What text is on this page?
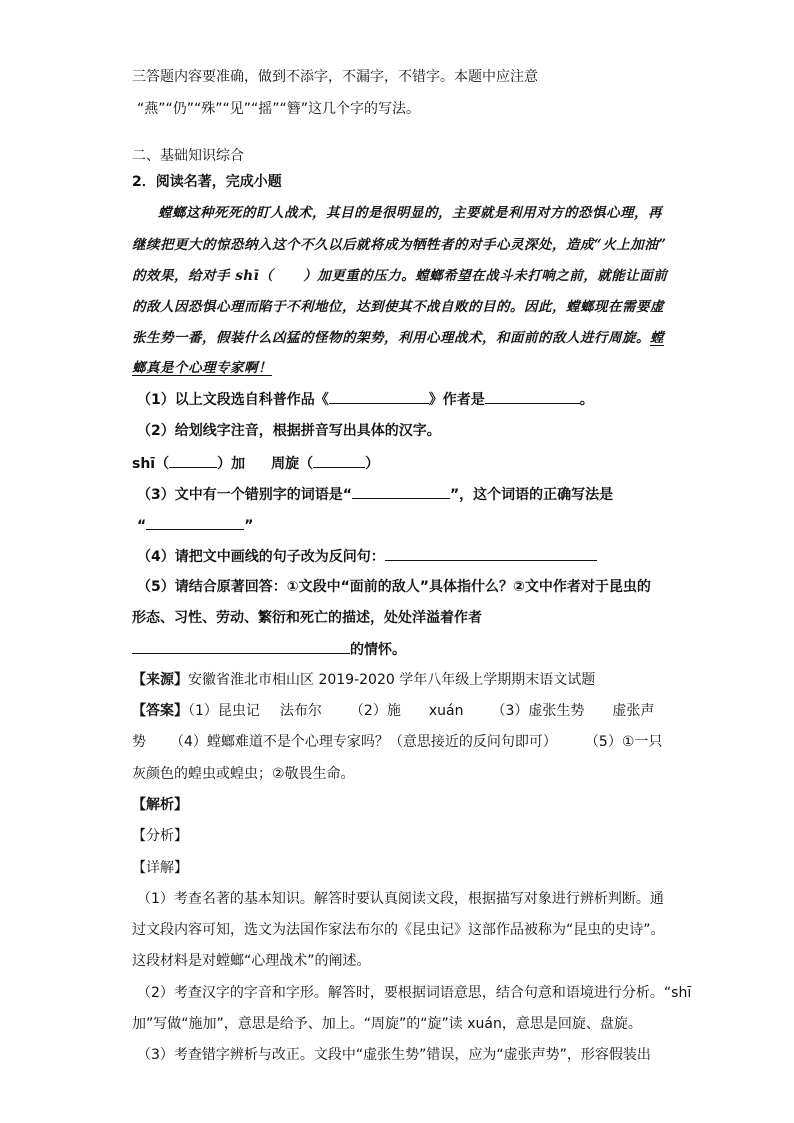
三答题内容要准确，做到不添字，不漏字，不错字。本题中应注意
“燕”“仍”“殊”“见”“摇”“簪”这几个字的写法。
二、基础知识综合
2．阅读名著，完成小题
螳螂这种死死的盯人战术，其目的是很明显的，主要就是利用对方的恐惧心理，再
继续把更大的惊恐纳入这个不久以后就将成为牺牲者的对手心灵深处，造成“火上加油”
的效果，给对手 shī（ ）加更重的压力。螳螂希望在战斗未打响之前，就能让面前
的敌人因恐惧心理而陷于不利地位，达到使其不战自败的目的。因此，螳螂现在需要虚
张生势一番，假装什么凶猛的怪物的架势，利用心理战术，和面前的敌人进行周旋。螳
螂真是个心理专家啊！
（1）以上文段选自科普作品《	》作者是	。
（2）给划线字注音，根据拼音写出具体的汉字。
shī（	）加 周旋（	）
（3）文中有一个错别字的词语是“	”，这个词语的正确写法是
“	”
（4）请把文中画线的句子改为反问句：
（5）请结合原著回答：①文段中“面前的敌人”具体指什么？②文中作者对于昆虫的
形态、习性、劳动、繁衍和死亡的描述，处处洋溢着作者
的情怀。
【来源】安徽省淮北市相山区 2019-2020 学年八年级上学期期末语文试题
【答案】（1）昆虫记 法布尔 （2）施 xuán （3）虚张生势 虚张声
势 （4）螳螂难道不是个心理专家吗？（意思接近的反问句即可） （5）①一只
灰颜色的蝗虫或蝗虫；②敬畏生命。
【解析】
【分析】
【详解】
（1）考查名著的基本知识。解答时要认真阅读文段，根据描写对象进行辨析判断。通
过文段内容可知，选文为法国作家法布尔的《昆虫记》这部作品被称为“昆虫的史诗”。
这段材料是对螳螂“心理战术”的阐述。
（2）考查汉字的字音和字形。解答时，要根据词语意思，结合句意和语境进行分析。“shī
加”写做“施加”，意思是给予、加上。“周旋”的“旋”读 xuán，意思是回旋、盘旋。
（3）考查错字辨析与改正。文段中“虚张生势”错误，应为“虚张声势”，形容假装出
